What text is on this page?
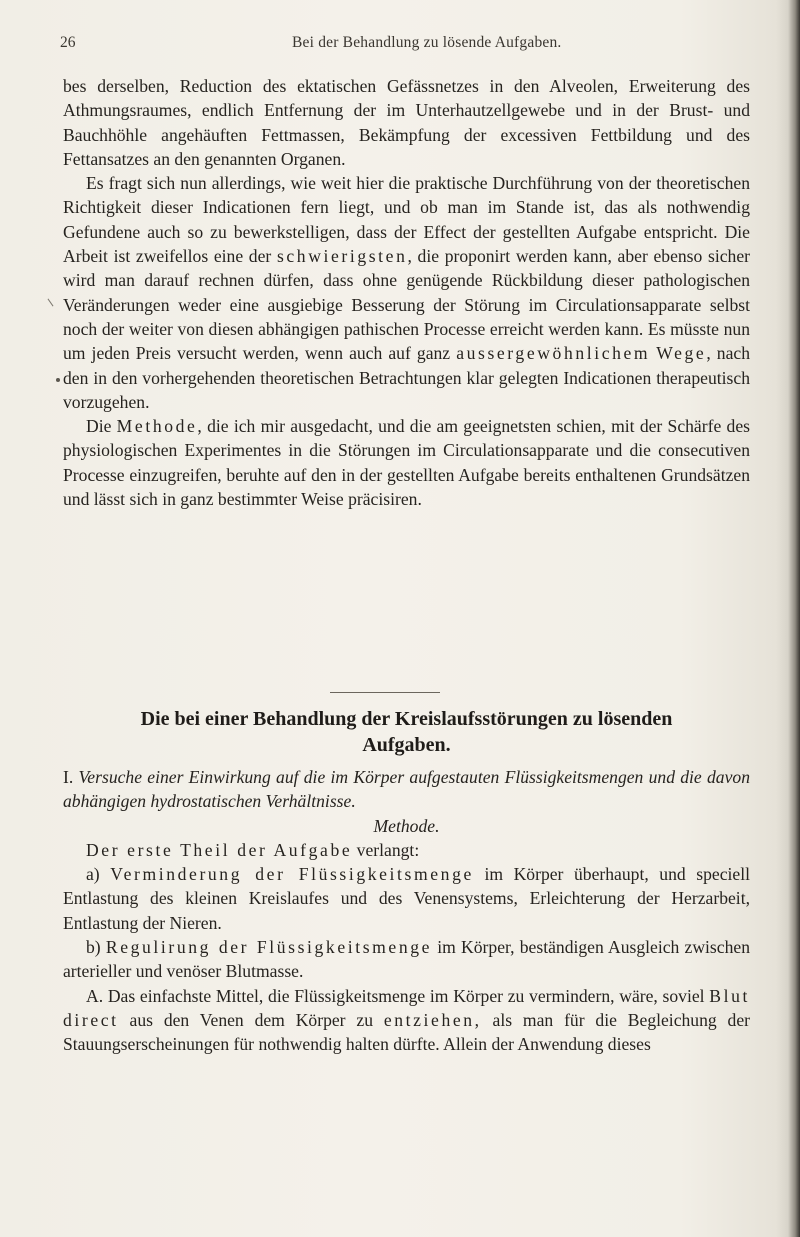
26	Bei der Behandlung zu lösende Aufgaben.

bes derselben, Reduction des ektatischen Gefässnetzes in den Alveolen, Erweiterung des Athmungsraumes, endlich Entfernung der im Unterhautzellgewebe und in der Brust- und Bauchhöhle angehäuften Fettmassen, Bekämpfung der excessiven Fettbildung und des Fettansatzes an den genannten Organen.

Es fragt sich nun allerdings, wie weit hier die praktische Durchführung von der theoretischen Richtigkeit dieser Indicationen fern liegt, und ob man im Stande ist, das als nothwendig Gefundene auch so zu bewerkstelligen, dass der Effect der gestellten Aufgabe entspricht. Die Arbeit ist zweifellos eine der schwierigsten, die proponirt werden kann, aber ebenso sicher wird man darauf rechnen dürfen, dass ohne genügende Rückbildung dieser pathologischen Veränderungen weder eine ausgiebige Besserung der Störung im Circulationsapparate selbst noch der weiter von diesen abhängigen pathischen Processe erreicht werden kann. Es müsste nun um jeden Preis versucht werden, wenn auch auf ganz aussergewöhnlichem Wege, nach den in den vorhergehenden theoretischen Betrachtungen klar gelegten Indicationen therapeutisch vorzugehen.

Die Methode, die ich mir ausgedacht, und die am geeignetsten schien, mit der Schärfe des physiologischen Experimentes in die Störungen im Circulationsapparate und die consecutiven Processe einzugreifen, beruhte auf den in der gestellten Aufgabe bereits enthaltenen Grundsätzen und lässt sich in ganz bestimmter Weise präcisiren.

Die bei einer Behandlung der Kreislaufsstörungen zu lösenden
Aufgaben.

I. Versuche einer Einwirkung auf die im Körper aufgestauten Flüssigkeitsmengen und die davon abhängigen hydrostatischen Verhältnisse.
Methode.

Der erste Theil der Aufgabe verlangt:

a) Verminderung der Flüssigkeitsmenge im Körper überhaupt, und speciell Entlastung des kleinen Kreislaufes und des Venensystems, Erleichterung der Herzarbeit, Entlastung der Nieren.

b) Regulirung der Flüssigkeitsmenge im Körper, beständigen Ausgleich zwischen arterieller und venöser Blutmasse.

A. Das einfachste Mittel, die Flüssigkeitsmenge im Körper zu vermindern, wäre, soviel Blut direct aus den Venen dem Körper zu entziehen, als man für die Begleichung der Stauungserscheinungen für nothwendig halten dürfte. Allein der Anwendung dieses
